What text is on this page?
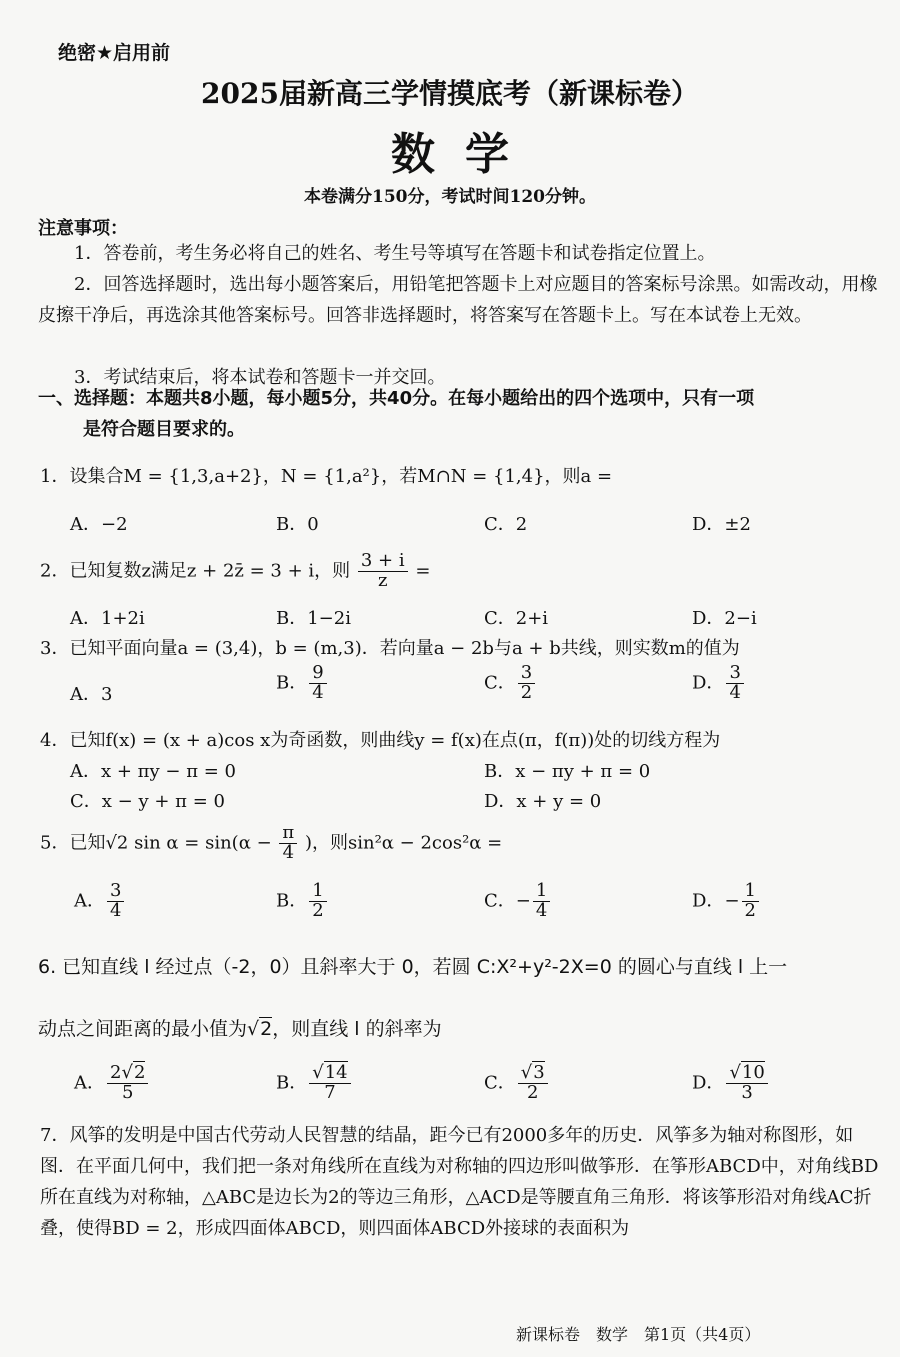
绝密★启用前
2025届新高三学情摸底考（新课标卷）
数学
本卷满分150分，考试时间120分钟。
注意事项：
1．答卷前，考生务必将自己的姓名、考生号等填写在答题卡和试卷指定位置上。
2．回答选择题时，选出每小题答案后，用铅笔把答题卡上对应题目的答案标号涂黑。如需改动，用橡皮擦干净后，再选涂其他答案标号。回答非选择题时，将答案写在答题卡上。写在本试卷上无效。
3．考试结束后，将本试卷和答题卡一并交回。
一、选择题：本题共8小题，每小题5分，共40分。在每小题给出的四个选项中，只有一项
是符合题目要求的。
1．设集合M = {1,3,a+2}，N = {1,a²}，若M∩N = {1,4}，则a =
A．−2	B．0	C．2	D．±2
2．已知复数z满足z + 2z̄ = 3 + i，则 $\frac{3 + i}{z}$ =
A．1+2i	B．1−2i	C．2+i	D．2−i
3．已知平面向量a = (3,4)，b = (m,3)．若向量a − 2b与a + b共线，则实数m的值为
A．3
B． $\frac{9}{4}$	C． $\frac{3}{2}$	D． $\frac{3}{4}$
4．已知f(x) = (x + a)cos x为奇函数，则曲线y = f(x)在点(π，f(π))处的切线方程为
A．x + πy − π = 0	B．x − πy + π = 0
C．x − y + π = 0	D．x + y = 0
5．已知√2 $\sin \alpha = \sin(\alpha - \frac{\pi}{4}$ )，则sin²α − 2cos²α =
A． $\frac{3}{4}$	B． $\frac{1}{2}$	C．− $\frac{1}{4}$	D．− $\frac{1}{2}$
6. 已知直线 l 经过点（-2，0）且斜率大于 0，若圆 C:X²+y²-2X=0 的圆心与直线 l 上一
动点之间距离的最小值为√2，则直线 l 的斜率为
A． $\frac{2√2}{5}$	B． $\frac{√14}{7}$	C． $\frac{√3}{2}$	D． $\frac{√10}{3}$
7．风筝的发明是中国古代劳动人民智慧的结晶，距今已有2000多年的历史．风筝多为轴对称图形，如图．在平面几何中，我们把一条对角线所在直线为对称轴的四边形叫做筝形．在筝形ABCD中，对角线BD所在直线为对称轴，△ABC是边长为2的等边三角形，△ACD是等腰直角三角形．将该筝形沿对角线AC折叠，使得BD = 2，形成四面体ABCD，则四面体ABCD外接球的表面积为
新课标卷　数学　第1页（共4页）
